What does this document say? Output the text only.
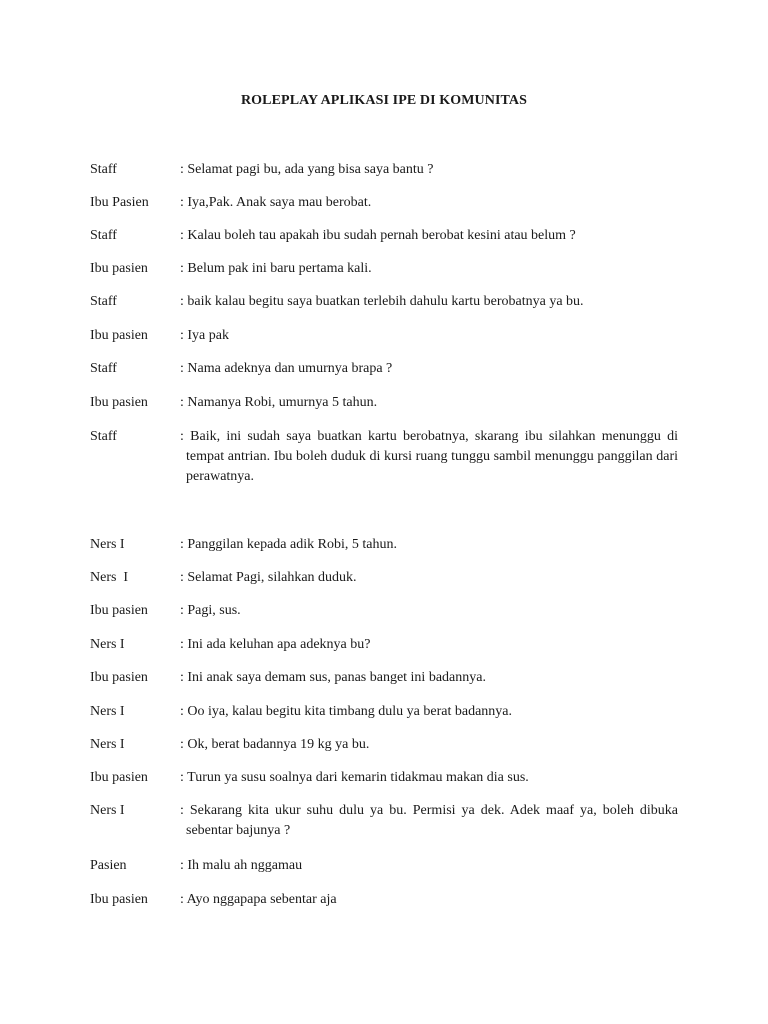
ROLEPLAY APLIKASI IPE DI KOMUNITAS
Staff	: Selamat pagi bu, ada yang bisa saya bantu ?
Ibu Pasien	: Iya,Pak. Anak saya mau berobat.
Staff	: Kalau boleh tau apakah ibu sudah pernah berobat kesini atau belum ?
Ibu pasien	: Belum pak ini baru pertama kali.
Staff	: baik kalau begitu saya buatkan terlebih dahulu kartu berobatnya ya bu.
Ibu pasien	: Iya pak
Staff	: Nama adeknya dan umurnya brapa ?
Ibu pasien	: Namanya Robi, umurnya 5 tahun.
Staff	: Baik, ini sudah saya buatkan kartu berobatnya, skarang ibu silahkan menunggu di tempat antrian. Ibu boleh duduk di kursi ruang tunggu sambil menunggu panggilan dari perawatnya.
Ners I	: Panggilan kepada adik Robi, 5 tahun.
Ners  I	: Selamat Pagi, silahkan duduk.
Ibu pasien	: Pagi, sus.
Ners I	: Ini ada keluhan apa adeknya bu?
Ibu pasien	: Ini anak saya demam sus, panas banget ini badannya.
Ners I	: Oo iya, kalau begitu kita timbang dulu ya berat badannya.
Ners I	: Ok, berat badannya 19 kg ya bu.
Ibu pasien	: Turun ya susu soalnya dari kemarin tidakmau makan dia sus.
Ners I	: Sekarang kita ukur suhu dulu ya bu. Permisi ya dek. Adek maaf ya, boleh dibuka sebentar bajunya ?
Pasien	: Ih malu ah nggamau
Ibu pasien	: Ayo nggapapa sebentar aja
